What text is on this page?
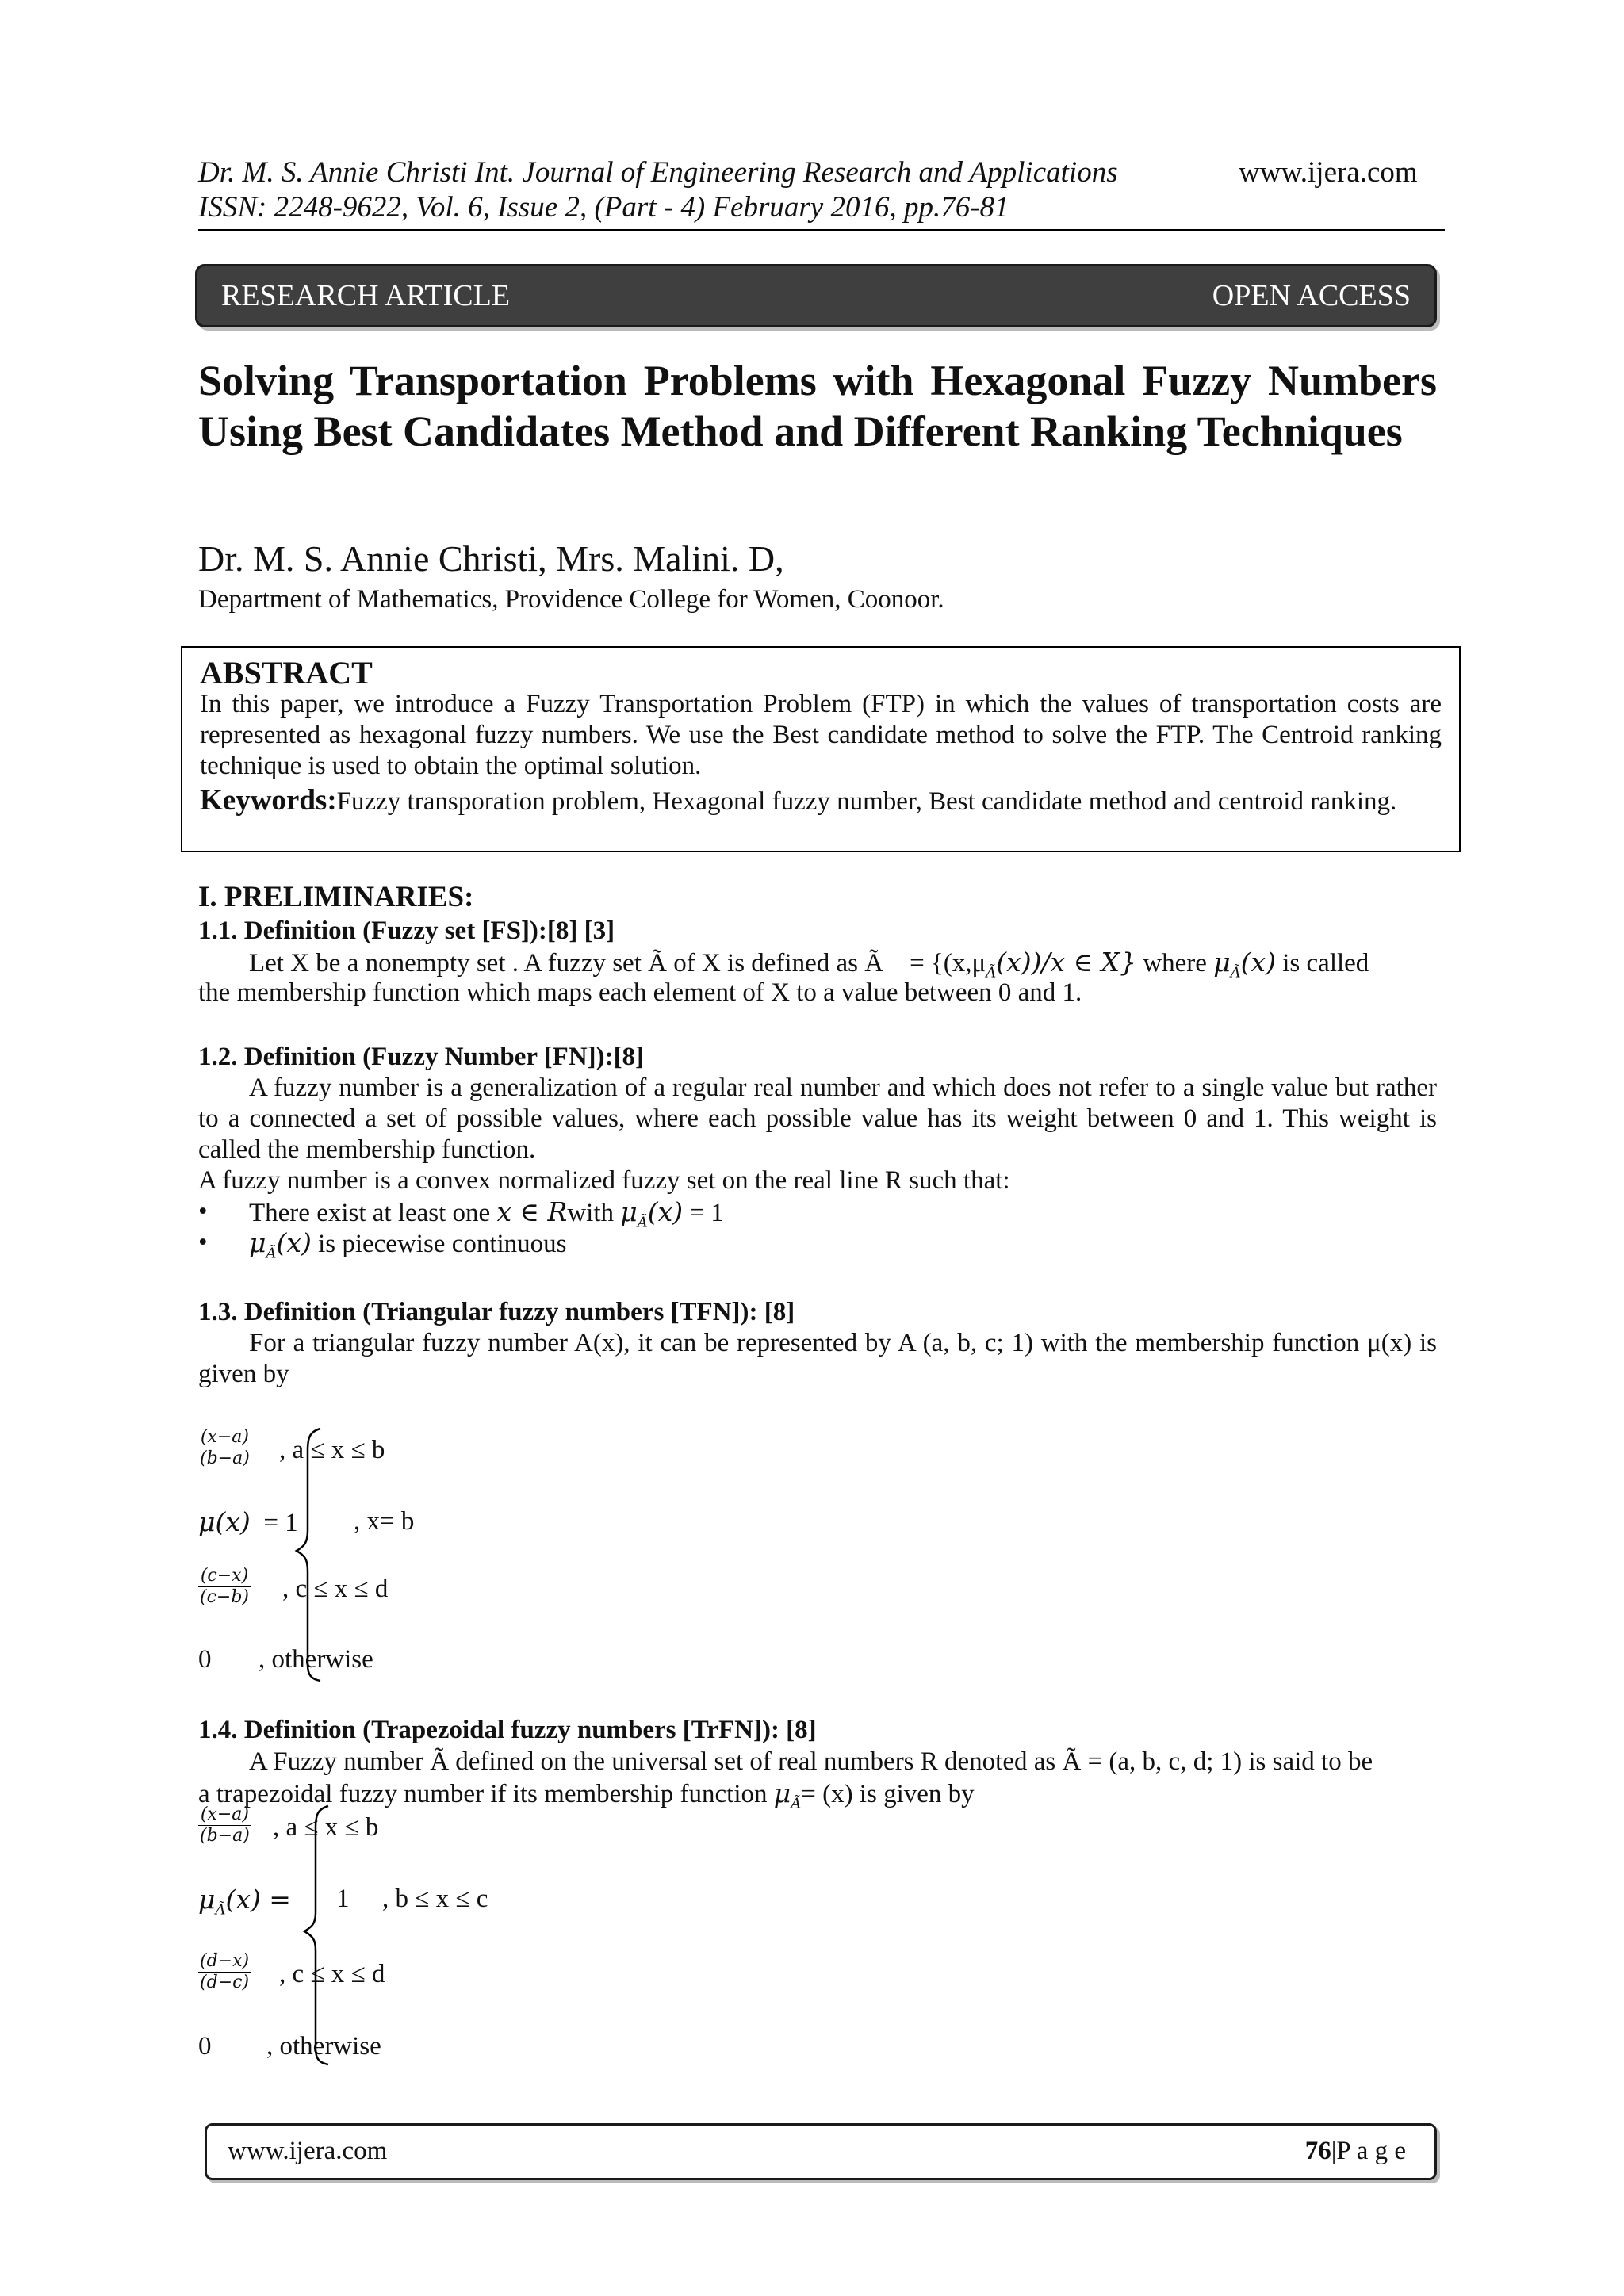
Dr. M. S. Annie Christi Int. Journal of Engineering Research and Applications	www.ijera.com
ISSN: 2248-9622, Vol. 6, Issue 2, (Part - 4) February 2016, pp.76-81
RESEARCH ARTICLE	OPEN ACCESS
Solving Transportation Problems with Hexagonal Fuzzy Numbers Using Best Candidates Method and Different Ranking Techniques
Dr. M. S. Annie Christi, Mrs. Malini. D,
Department of Mathematics, Providence College for Women, Coonoor.
ABSTRACT
In this paper, we introduce a Fuzzy Transportation Problem (FTP) in which the values of transportation costs are represented as hexagonal fuzzy numbers. We use the Best candidate method to solve the FTP. The Centroid ranking technique is used to obtain the optimal solution.
Keywords:Fuzzy transporation problem, Hexagonal fuzzy number, Best candidate method and centroid ranking.
I. PRELIMINARIES:
1.1. Definition (Fuzzy set [FS]):[8] [3]
Let X be a nonempty set . A fuzzy set Ã of X is defined as Ã = {$(x,\mu_Ã(x))/x$ ∈ X} where $\mu_Ã(x)$ is called
the membership function which maps each element of X to a value between 0 and 1.
1.2. Definition (Fuzzy Number [FN]):[8]
A fuzzy number is a generalization of a regular real number and which does not refer to a single value but rather to a connected a set of possible values, where each possible value has its weight between 0 and 1. This weight is called the membership function.
A fuzzy number is a convex normalized fuzzy set on the real line R such that:
• There exist at least one x ∈ Rwith $\mu_Ã(x) = 1$
• $\mu_Ã(x)$ is piecewise continuous
1.3. Definition (Triangular fuzzy numbers [TFN]): [8]
For a triangular fuzzy number A(x), it can be represented by A (a, b, c; 1) with the membership function μ(x) is given by
$\frac{(x-a)}{(b-a)}$ , a ≤ x ≤ b
μ(x) = 1 , x= b
$\frac{(c-x)}{(c-b)}$ , c ≤ x ≤ d
0 , otherwise
1.4. Definition (Trapezoidal fuzzy numbers [TrFN]): [8]
A Fuzzy number Ã defined on the universal set of real numbers R denoted as Ã = (a, b, c, d; 1) is said to be
a trapezoidal fuzzy number if its membership function $\mu_Ã= (x)$ is given by
$\frac{(x-a)}{(b-a)}$ , a ≤ x ≤ b
$\mu_Ã(x) = 1$ , b ≤ x ≤ c
$\frac{(d-x)}{(d-c)}$ , c ≤ x ≤ d
0 , otherwise
www.ijera.com	76|P a g e
